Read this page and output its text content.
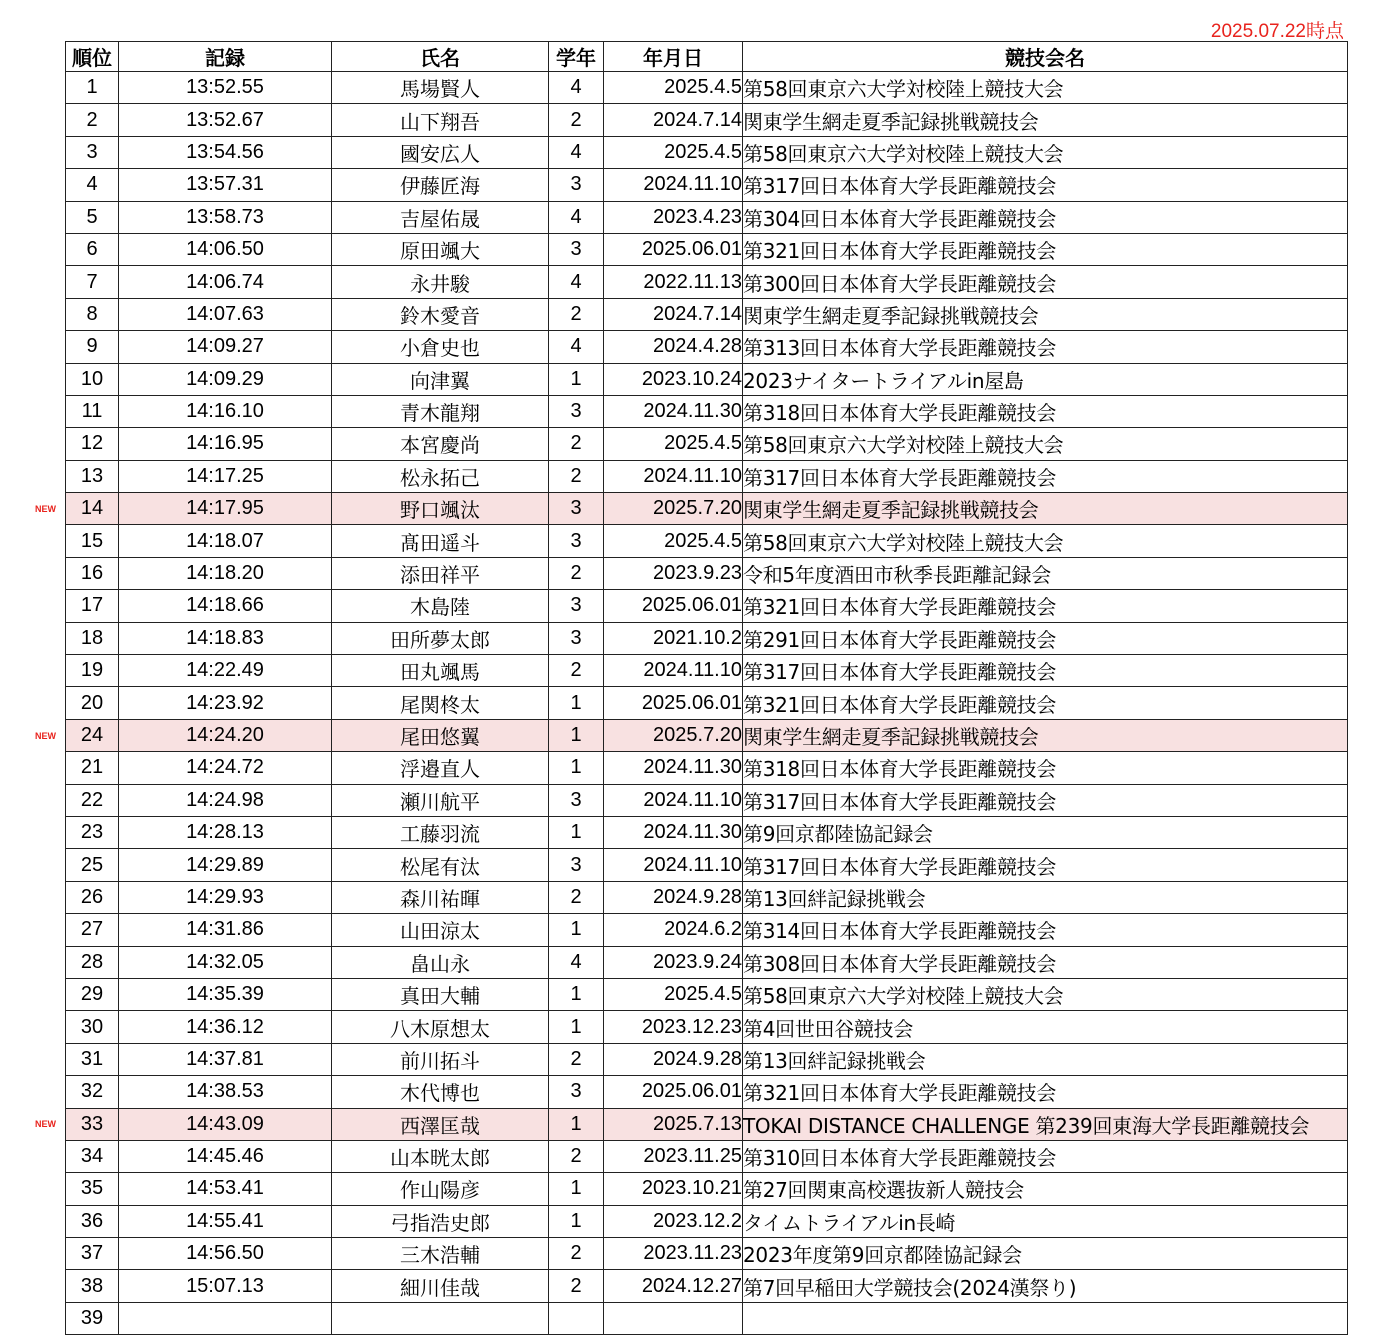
2025.07.22時点
順位	記録	氏名	学年	年月日	競技会名
1	13:52.55	馬場賢人	4	2025.4.5	第58回東京六大学対校陸上競技大会
2	13:52.67	山下翔吾	2	2024.7.14	関東学生網走夏季記録挑戦競技会
3	13:54.56	國安広人	4	2025.4.5	第58回東京六大学対校陸上競技大会
4	13:57.31	伊藤匠海	3	2024.11.10	第317回日本体育大学長距離競技会
5	13:58.73	吉屋佑晟	4	2023.4.23	第304回日本体育大学長距離競技会
6	14:06.50	原田颯大	3	2025.06.01	第321回日本体育大学長距離競技会
7	14:06.74	永井駿	4	2022.11.13	第300回日本体育大学長距離競技会
8	14:07.63	鈴木愛音	2	2024.7.14	関東学生網走夏季記録挑戦競技会
9	14:09.27	小倉史也	4	2024.4.28	第313回日本体育大学長距離競技会
10	14:09.29	向津翼	1	2023.10.24	2023ナイタートライアルin屋島
11	14:16.10	青木龍翔	3	2024.11.30	第318回日本体育大学長距離競技会
12	14:16.95	本宮慶尚	2	2025.4.5	第58回東京六大学対校陸上競技大会
13	14:17.25	松永拓己	2	2024.11.10	第317回日本体育大学長距離競技会
14	14:17.95	野口颯汰	3	2025.7.20	関東学生網走夏季記録挑戦競技会
15	14:18.07	髙田遥斗	3	2025.4.5	第58回東京六大学対校陸上競技大会
16	14:18.20	添田祥平	2	2023.9.23	令和5年度酒田市秋季長距離記録会
17	14:18.66	木島陸	3	2025.06.01	第321回日本体育大学長距離競技会
18	14:18.83	田所夢太郎	3	2021.10.2	第291回日本体育大学長距離競技会
19	14:22.49	田丸颯馬	2	2024.11.10	第317回日本体育大学長距離競技会
20	14:23.92	尾関柊太	1	2025.06.01	第321回日本体育大学長距離競技会
24	14:24.20	尾田悠翼	1	2025.7.20	関東学生網走夏季記録挑戦競技会
21	14:24.72	浮邉直人	1	2024.11.30	第318回日本体育大学長距離競技会
22	14:24.98	瀬川航平	3	2024.11.10	第317回日本体育大学長距離競技会
23	14:28.13	工藤羽流	1	2024.11.30	第9回京都陸協記録会
25	14:29.89	松尾有汰	3	2024.11.10	第317回日本体育大学長距離競技会
26	14:29.93	森川祐暉	2	2024.9.28	第13回絆記録挑戦会
27	14:31.86	山田涼太	1	2024.6.2	第314回日本体育大学長距離競技会
28	14:32.05	畠山永	4	2023.9.24	第308回日本体育大学長距離競技会
29	14:35.39	真田大輔	1	2025.4.5	第58回東京六大学対校陸上競技大会
30	14:36.12	八木原想太	1	2023.12.23	第4回世田谷競技会
31	14:37.81	前川拓斗	2	2024.9.28	第13回絆記録挑戦会
32	14:38.53	木代博也	3	2025.06.01	第321回日本体育大学長距離競技会
33	14:43.09	西澤匡哉	1	2025.7.13	TOKAI DISTANCE CHALLENGE 第239回東海大学長距離競技会
34	14:45.46	山本晄太郎	2	2023.11.25	第310回日本体育大学長距離競技会
35	14:53.41	作山陽彦	1	2023.10.21	第27回関東高校選抜新人競技会
36	14:55.41	弓指浩史郎	1	2023.12.2	タイムトライアルin長崎
37	14:56.50	三木浩輔	2	2023.11.23	2023年度第9回京都陸協記録会
38	15:07.13	細川佳哉	2	2024.12.27	第7回早稲田大学競技会(2024漢祭り)
39					
NEW
NEW
NEW
